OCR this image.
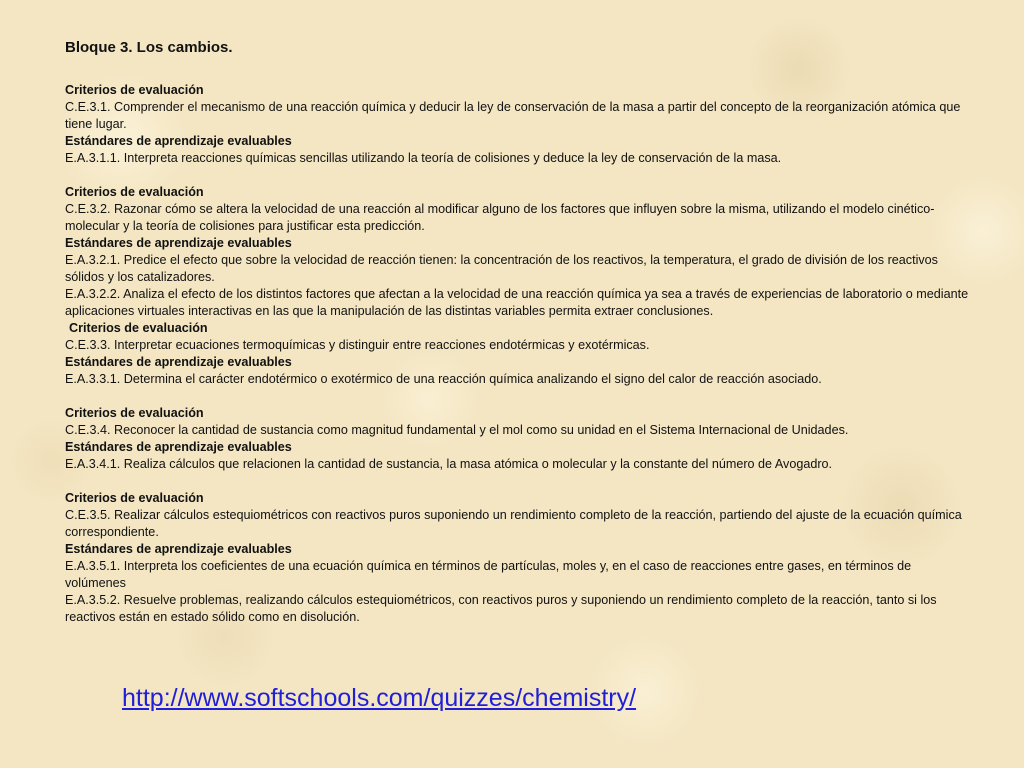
Bloque 3. Los cambios.
Criterios de evaluación
C.E.3.1. Comprender el mecanismo de una reacción química y deducir la ley de conservación de la masa a partir del concepto de la reorganización atómica que tiene lugar.
Estándares de aprendizaje evaluables
E.A.3.1.1. Interpreta reacciones químicas sencillas utilizando la teoría de colisiones y deduce la ley de conservación de la masa.
Criterios de evaluación
C.E.3.2. Razonar cómo se altera la velocidad de una reacción al modificar alguno de los factores que influyen sobre la misma, utilizando el modelo cinético-molecular y la teoría de colisiones para justificar esta predicción.
Estándares de aprendizaje evaluables
E.A.3.2.1. Predice el efecto que sobre la velocidad de reacción tienen: la concentración de los reactivos, la temperatura, el grado de división de los reactivos sólidos y los catalizadores.
E.A.3.2.2. Analiza el efecto de los distintos factores que afectan a la velocidad de una reacción química ya sea a través de experiencias de laboratorio o mediante aplicaciones virtuales interactivas en las que la manipulación de las distintas variables permita extraer conclusiones.
Criterios de evaluación
C.E.3.3. Interpretar ecuaciones termoquímicas y distinguir entre reacciones endotérmicas y exotérmicas.
Estándares de aprendizaje evaluables
E.A.3.3.1. Determina el carácter endotérmico o exotérmico de una reacción química analizando el signo del calor de reacción asociado.
Criterios de evaluación
C.E.3.4. Reconocer la cantidad de sustancia como magnitud fundamental y el mol como su unidad en el Sistema Internacional de Unidades.
Estándares de aprendizaje evaluables
E.A.3.4.1. Realiza cálculos que relacionen la cantidad de sustancia, la masa atómica o molecular y la constante del número de Avogadro.
Criterios de evaluación
C.E.3.5. Realizar cálculos estequiométricos con reactivos puros suponiendo un rendimiento completo de la reacción, partiendo del ajuste de la ecuación química correspondiente.
Estándares de aprendizaje evaluables
E.A.3.5.1. Interpreta los coeficientes de una ecuación química en términos de partículas, moles y, en el caso de reacciones entre gases, en términos de volúmenes
E.A.3.5.2. Resuelve problemas, realizando cálculos estequiométricos, con reactivos puros y suponiendo un rendimiento completo de la reacción, tanto si los reactivos están en estado sólido como en disolución.
http://www.softschools.com/quizzes/chemistry/
